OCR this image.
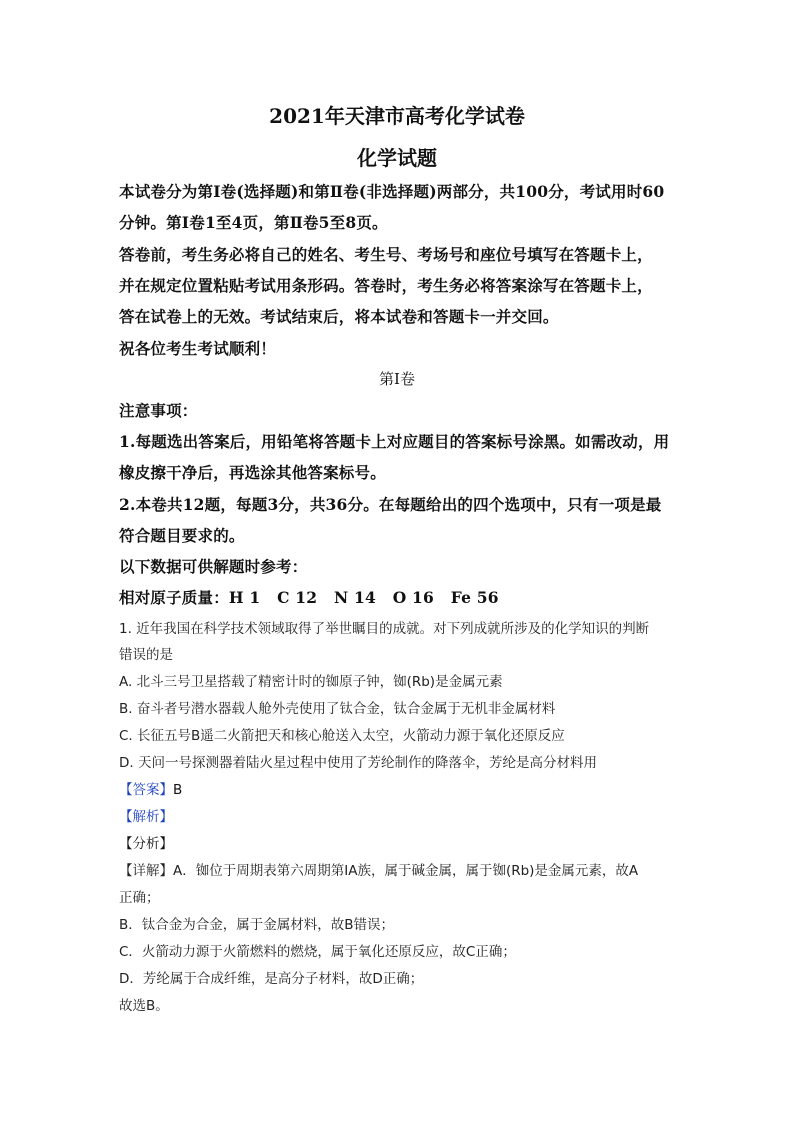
2021年天津市高考化学试卷
化学试题
本试卷分为第Ⅰ卷(选择题)和第Ⅱ卷(非选择题)两部分，共100分，考试用时60
分钟。第Ⅰ卷1至4页，第Ⅱ卷5至8页。
答卷前，考生务必将自己的姓名、考生号、考场号和座位号填写在答题卡上，
并在规定位置粘贴考试用条形码。答卷时，考生务必将答案涂写在答题卡上，
答在试卷上的无效。考试结束后，将本试卷和答题卡一并交回。
祝各位考生考试顺利！
第Ⅰ卷
注意事项：
1.每题选出答案后，用铅笔将答题卡上对应题目的答案标号涂黑。如需改动，用
橡皮擦干净后，再选涂其他答案标号。
2.本卷共12题，每题3分，共36分。在每题给出的四个选项中，只有一项是最
符合题目要求的。
以下数据可供解题时参考：
相对原子质量：H 1   C 12   N 14   O 16   Fe 56
1. 近年我国在科学技术领域取得了举世瞩目的成就。对下列成就所涉及的化学知识的判断
错误的是
A. 北斗三号卫星搭载了精密计时的铷原子钟，铷(Rb)是金属元素
B. 奋斗者号潜水器载人舱外壳使用了钛合金，钛合金属于无机非金属材料
C. 长征五号B遥二火箭把天和核心舱送入太空，火箭动力源于氧化还原反应
D. 天问一号探测器着陆火星过程中使用了芳纶制作的降落伞，芳纶是高分材料用
【答案】B
【解析】
【分析】
【详解】A．铷位于周期表第六周期第ⅠA族，属于碱金属，属于铷(Rb)是金属元素，故A
正确；
B．钛合金为合金，属于金属材料，故B错误；
C．火箭动力源于火箭燃料的燃烧，属于氧化还原反应，故C正确；
D．芳纶属于合成纤维，是高分子材料，故D正确；
故选B。
